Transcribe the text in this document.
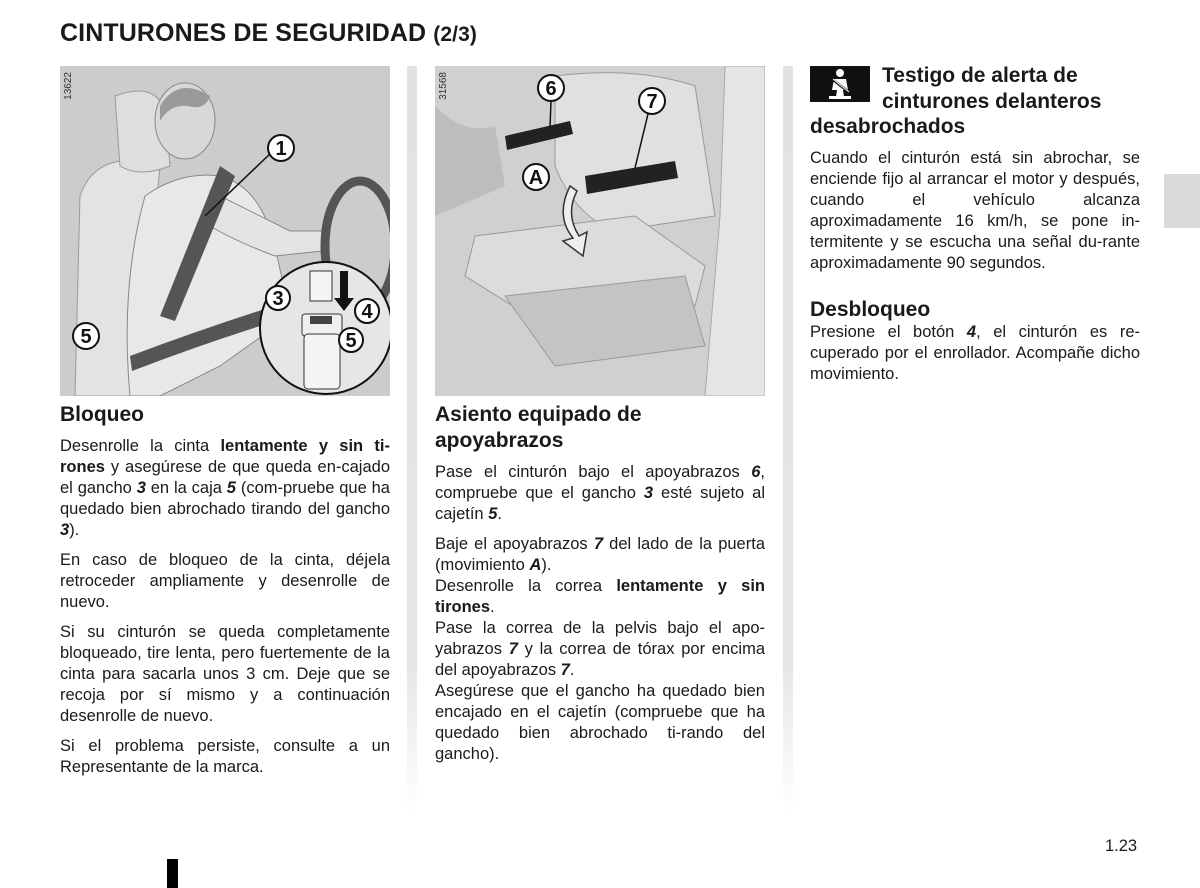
CINTURONES DE SEGURIDAD (2/3)
1
3
4
5
5
13622	6
7
A
31568
Bloqueo

Desenrolle la cinta lentamente y sin ti-rones y asegúrese de que queda en-cajado el gancho 3 en la caja 5 (com-pruebe que ha quedado bien abrochado tirando del gancho 3).

En caso de bloqueo de la cinta, déjela retroceder ampliamente y desenrolle de nuevo.

Si su cinturón se queda completamente bloqueado, tire lenta, pero fuertemente de la cinta para sacarla unos 3 cm. Deje que se recoja por sí mismo y a continuación desenrolle de nuevo.

Si el problema persiste, consulte a un Representante de la marca.

Asiento equipado de apoyabrazos

Pase el cinturón bajo el apoyabrazos 6, compruebe que el gancho 3 esté sujeto al cajetín 5.

Baje el apoyabrazos 7 del lado de la puerta (movimiento A).

Desenrolle la correa lentamente y sin tirones.

Pase la correa de la pelvis bajo el apo-yabrazos 7 y la correa de tórax por encima del apoyabrazos 7.

Asegúrese que el gancho ha quedado bien encajado en el cajetín (compruebe que ha quedado bien abrochado ti-rando del gancho).

Testigo de alerta de
cinturones delanteros
desabrochados

Cuando el cinturón está sin abrochar, se enciende fijo al arrancar el motor y después, cuando el vehículo alcanza aproximadamente 16 km/h, se pone in-termitente y se escucha una señal du-rante aproximadamente 90 segundos.

Desbloqueo

Presione el botón 4, el cinturón es re-cuperado por el enrollador. Acompañe dicho movimiento.

1.23
